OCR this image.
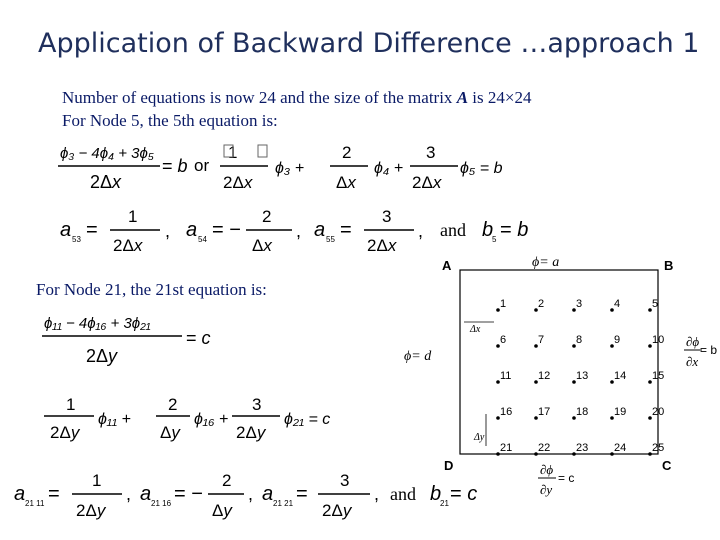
Application of Backward Difference …approach 1
Number of equations is now 24 and the size of the matrix A is 24×24
For Node 5, the 5th equation is:
For Node 21, the 21st equation is:
ϕ₃ − 4ϕ₄ + 3ϕ₅
2Δx
= b or
1
2Δx
ϕ₃ +
2
Δx
ϕ₄ +
3
2Δx
ϕ₅ = b
a 53 =
1
2Δx
, a 54 = −
2
Δx
, a 55 =
3
2Δx
, and b
5 = b
ϕ₁₁ − 4ϕ₁₆ + 3ϕ₂₁
2Δy
= c
1
2Δy
ϕ₁₁ +
2
Δy
ϕ₁₆ +
3
2Δy
ϕ₂₁ = c
a 21 11 =
1
2Δy
, a 21 16 = −
2
Δy
, a 21 21 =
3
2Δy
, and b
21 = c
A	B
C
D
ϕ= a
ϕ= d
∂ϕ
∂x
= b
∂ϕ
∂y
= c
Δx
Δy
1	2	3	4	5
6	7	8	9	10
11 12 13 14 15
16 17 18 19 20
21 22 23 24 25
